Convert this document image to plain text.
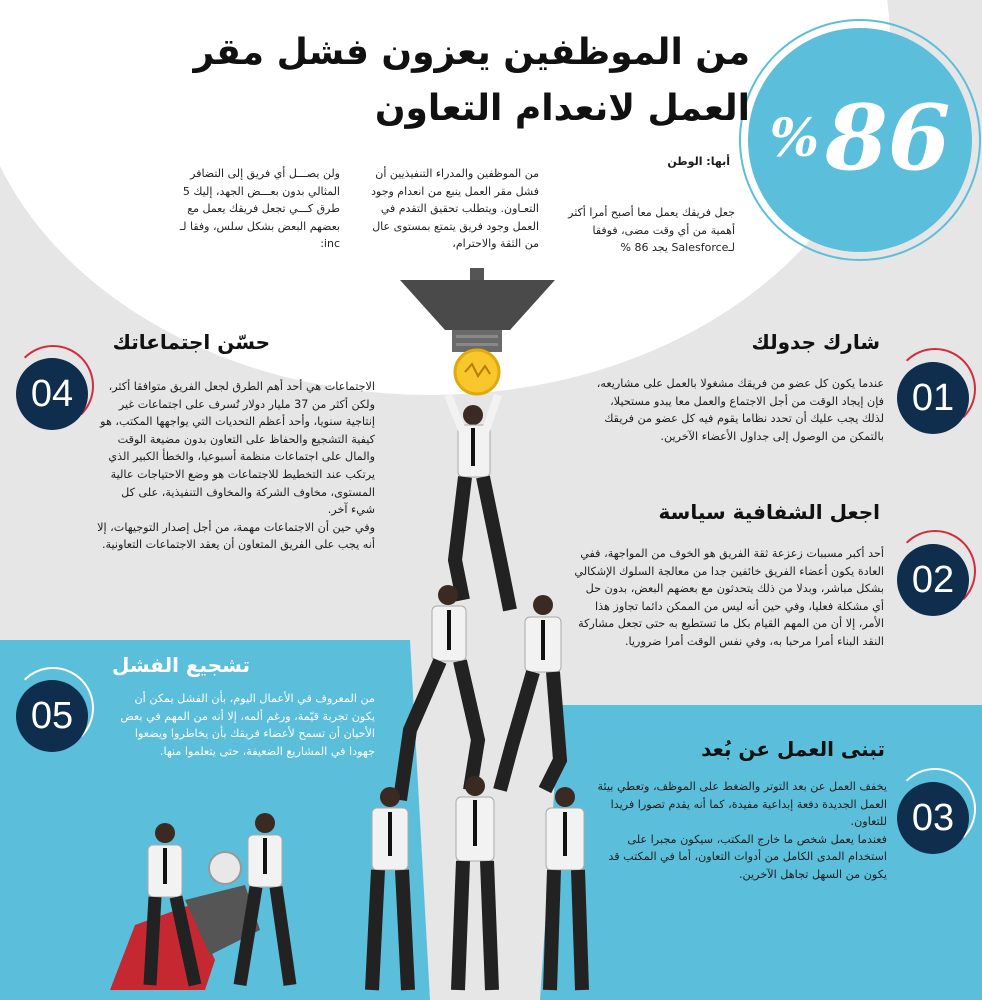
من الموظفين يعزون فشل مقر
العمل لانعدام التعاون % 86
أبها: الوطن
جعل فريقك يعمل معا أصبح أمرا أكثر أهمية من أي وقت مضى، فوفقا لـSalesforce يجد 86 %
من الموظفين والمدراء التنفيذيين أن فشل مقر العمل ينبع من انعدام وجود التعـاون. ويتطلب تحقيق التقدم في العمل وجود فريق يتمتع بمستوى عال من الثقة والاحترام،
ولن يصـــل أي فريق إلى التضافر المثالي بدون بعـــض الجهد، إليك 5 طرق كـــي تجعل فريقك يعمل مع بعضهم البعض بشكل سلس، وفقا لـ inc:
01
شارك جدولك
عندما يكون كل عضو من فريقك مشغولا بالعمل على مشاريعه، فإن إيجاد الوقت من أجل الاجتماع والعمل معا يبدو مستحيلا، لذلك يجب عليك أن تحدد نظاما يقوم فيه كل عضو من فريقك بالتمكن من الوصول إلى جداول الأعضاء الآخرين.
02
اجعل الشفافية سياسة
أحد أكبر مسببات زعزعة ثقة الفريق هو الخوف من المواجهة، ففي العادة يكون أعضاء الفريق خائفين جدا من معالجة السلوك الإشكالي بشكل مباشر، وبدلا من ذلك يتحدثون مع بعضهم البعض، بدون حل أي مشكلة فعليا، وفي حين أنه ليس من الممكن دائما تجاوز هذا الأمر، إلا أن من المهم القيام بكل ما تستطيع به حتى تجعل مشاركة النقد البناء أمرا مرحبا به، وفي نفس الوقت أمرا ضروريا.
03
تبنى العمل عن بُعد
يخفف العمل عن بعد التوتر والضغط على الموظف، وتعطي بيئة العمل الجديدة دفعة إبداعية مفيدة، كما أنه يقدم تصورا فريدا للتعاون.
فعندما يعمل شخص ما خارج المكتب، سيكون مجبرا على استخدام المدى الكامل من أدوات التعاون، أما في المكتب قد يكون من السهل تجاهل الآخرين.
04
حسّن اجتماعاتك
الاجتماعات هي أحد أهم الطرق لجعل الفريق متوافقا أكثر، ولكن أكثر من 37 مليار دولار تُسرف على اجتماعات غير إنتاجية سنويا، وأحد أعظم التحديات التي يواجهها المكتب، هو كيفية التشجيع والحفاظ على التعاون بدون مضيعة الوقت والمال على اجتماعات منظمة أسبوعيا، والخطأ الكبير الذي يرتكب عند التخطيط للاجتماعات هو وضع الاحتياجات عالية المستوى، مخاوف الشركة والمخاوف التنفيذية، على كل شيء آخر.
وفي حين أن الاجتماعات مهمة، من أجل إصدار التوجيهات، إلا أنه يجب على الفريق المتعاون أن يعقد الاجتماعات التعاونية.
05
تشجيع الفشل
من المعروف في الأعمال اليوم، بأن الفشل يمكن أن يكون تجربة قيّمة، ورغم ألمه، إلا أنه من المهم في بعض الأحيان أن تسمح لأعضاء فريقك بأن يخاطروا ويضعوا جهودا في المشاريع الضعيفة، حتى يتعلموا منها.
